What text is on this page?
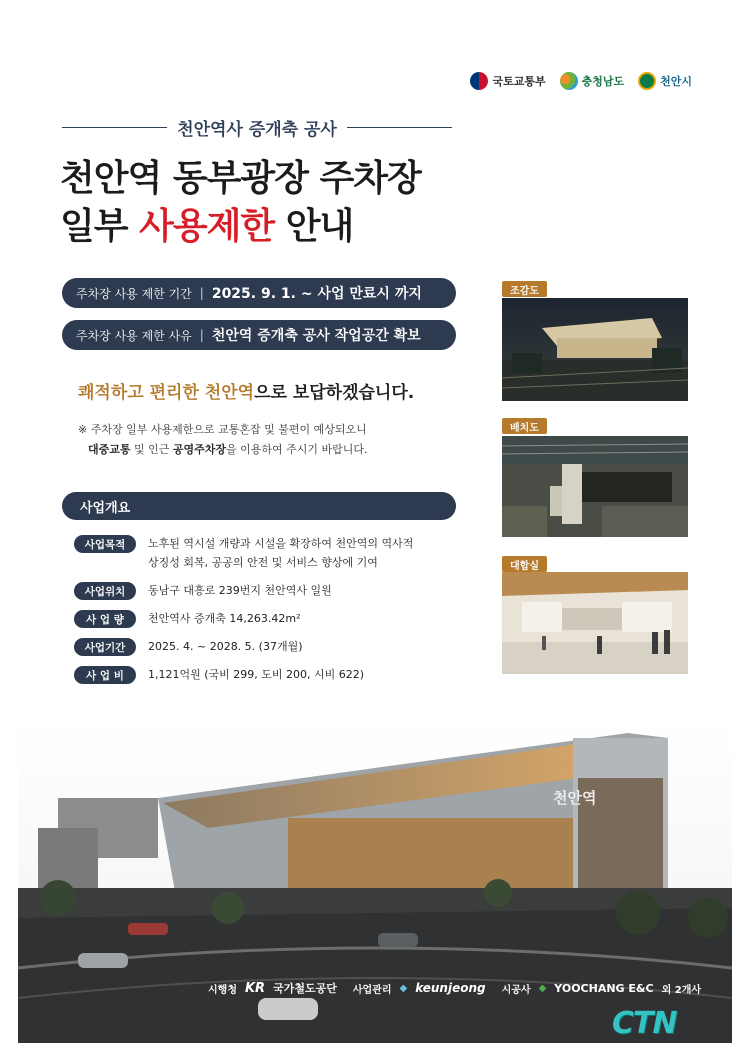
국토교통부	충청남도	천안시
천안역사 증개축 공사
천안역 동부광장 주차장
일부 사용제한 안내
주차장 사용 제한 기간 | 2025. 9. 1. ~ 사업 만료시 까지
주차장 사용 제한 사유 | 천안역 증개축 공사 작업공간 확보
쾌적하고 편리한 천안역으로 보답하겠습니다.
※ 주차장 일부 사용제한으로 교통혼잡 및 불편이 예상되오니
대중교통 및 인근 공영주차장을 이용하여 주시기 바랍니다.
사업개요
사업목적	노후된 역시설 개량과 시설을 확장하여 천안역의 역사적
상징성 회복, 공공의 안전 및 서비스 향상에 기여
사업위치	동남구 대흥로 239번지 천안역사 일원
사 업 량	천안역사 증개축 14,263.42m²
사업기간	2025. 4. ~ 2028. 5. (37개월)
사 업 비	1,121억원 (국비 299, 도비 200, 시비 622)
조감도
배치도
대합실
천안역
시행청 KR 국가철도공단 사업관리 ◆ keunjeong 시공사 ◆ YOOCHANG E&C 외 2개사
CTN
